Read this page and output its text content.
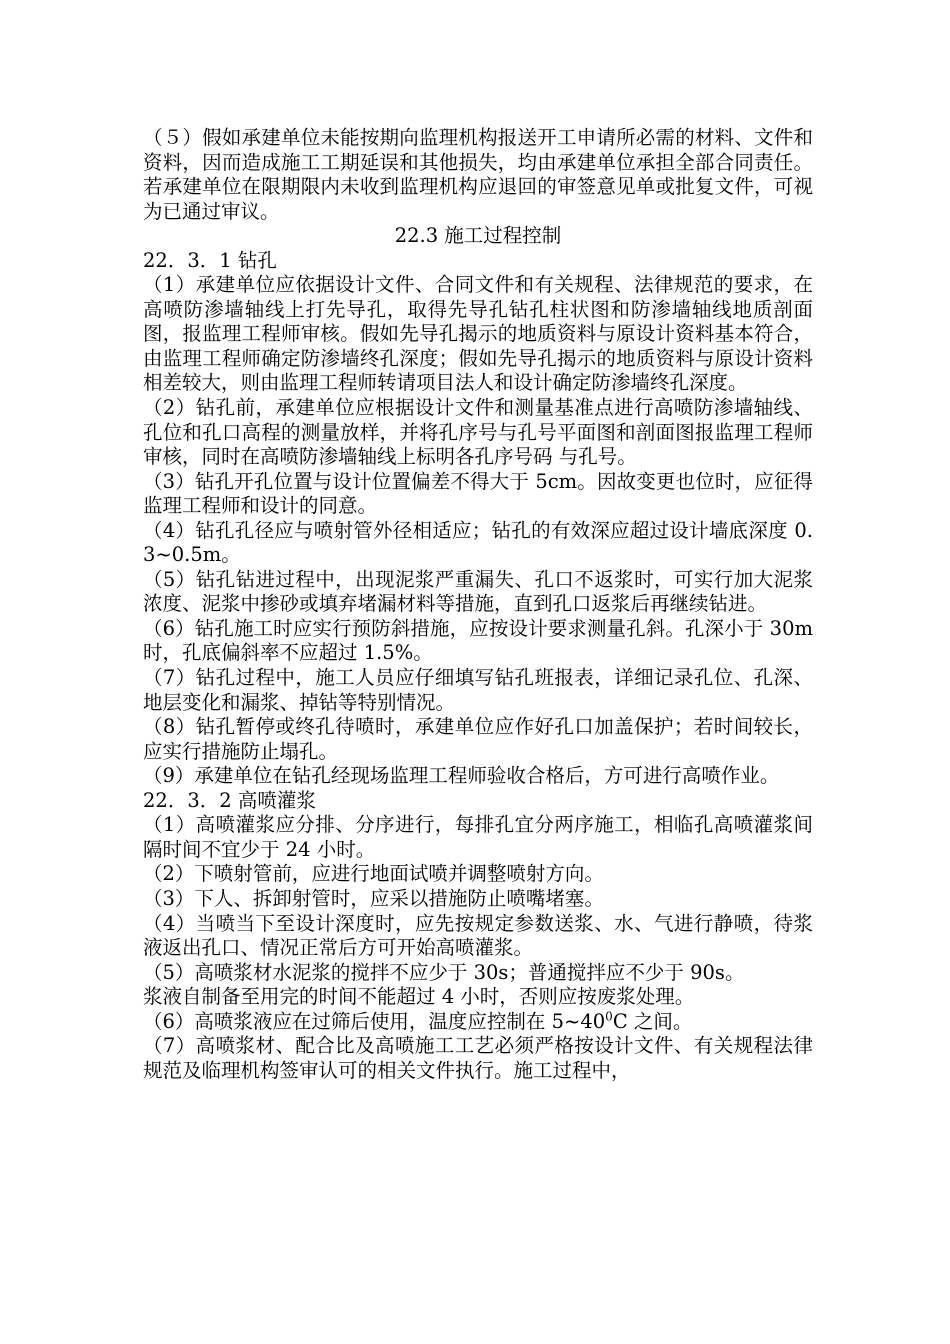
（５）假如承建单位未能按期向监理机构报送开工申请所必需的材料、文件和资料，因而造成施工工期延误和其他损失，均由承建单位承担全部合同责任。若承建单位在限期限内未收到监理机构应退回的审签意见单或批复文件，可视为已通过审议。

22.3 施工过程控制

22．3．1 钻孔

（1）承建单位应依据设计文件、合同文件和有关规程、法律规范的要求，在高喷防渗墙轴线上打先导孔，取得先导孔钻孔柱状图和防渗墙轴线地质剖面图，报监理工程师审核。假如先导孔揭示的地质资料与原设计资料基本符合，由监理工程师确定防渗墙终孔深度；假如先导孔揭示的地质资料与原设计资料相差较大，则由监理工程师转请项目法人和设计确定防渗墙终孔深度。

（2）钻孔前，承建单位应根据设计文件和测量基准点进行高喷防渗墙轴线、孔位和孔口高程的测量放样，并将孔序号与孔号平面图和剖面图报监理工程师审核，同时在高喷防渗墙轴线上标明各孔序号码 与孔号。

（3）钻孔开孔位置与设计位置偏差不得大于 5cm。因故变更也位时，应征得监理工程师和设计的同意。

（4）钻孔孔径应与喷射管外径相适应；钻孔的有效深应超过设计墙底深度 0.3~0.5m。

（5）钻孔钻进过程中，出现泥浆严重漏失、孔口不返浆时，可实行加大泥浆浓度、泥浆中掺砂或填弃堵漏材料等措施，直到孔口返浆后再继续钻进。

（6）钻孔施工时应实行预防斜措施，应按设计要求测量孔斜。孔深小于 30m 时，孔底偏斜率不应超过 1.5%。

（7）钻孔过程中，施工人员应仔细填写钻孔班报表，详细记录孔位、孔深、地层变化和漏浆、掉钻等特别情况。

（8）钻孔暂停或终孔待喷时，承建单位应作好孔口加盖保护；若时间较长，应实行措施防止塌孔。

（9）承建单位在钻孔经现场监理工程师验收合格后，方可进行高喷作业。

22．3．2 高喷灌浆

（1）高喷灌浆应分排、分序进行，每排孔宜分两序施工，相临孔高喷灌浆间隔时间不宜少于 24 小时。

（2）下喷射管前，应进行地面试喷并调整喷射方向。

（3）下人、拆卸射管时，应采以措施防止喷嘴堵塞。

（4）当喷当下至设计深度时，应先按规定参数送浆、水、气进行静喷，待浆液返出孔口、情况正常后方可开始高喷灌浆。

（5）高喷浆材水泥浆的搅拌不应少于 30s；普通搅拌应不少于 90s。

浆液自制备至用完的时间不能超过 4 小时，否则应按废浆处理。

（6）高喷浆液应在过筛后使用，温度应控制在 $5\sim 40^0C$ 之间。

（7）高喷浆材、配合比及高喷施工工艺必须严格按设计文件、有关规程法律规范及临理机构签审认可的相关文件执行。施工过程中，
